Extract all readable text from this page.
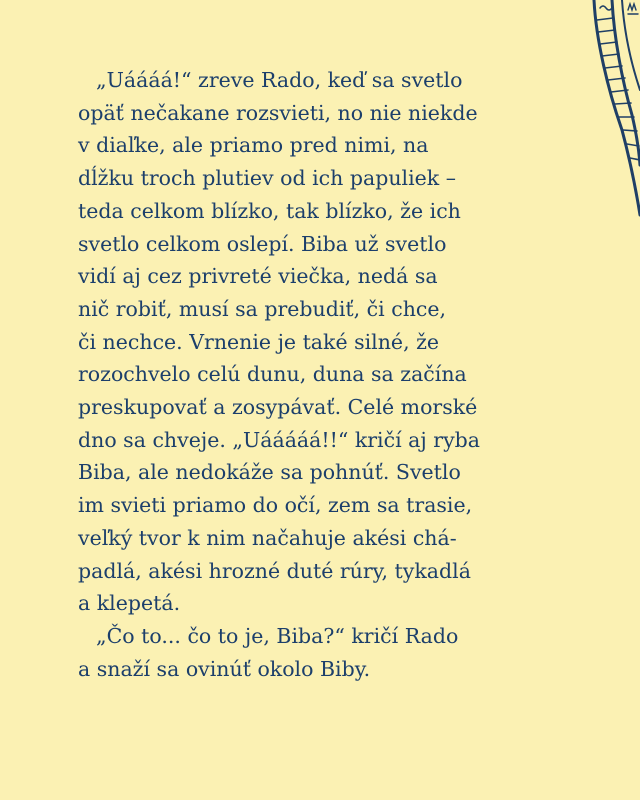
„Uáááá!“ zreve Rado, keď sa svetlo
opäť nečakane rozsvieti, no nie niekde
v diaľke, ale priamo pred nimi, na
dĺžku troch plutiev od ich papuliek –
teda celkom blízko, tak blízko, že ich
svetlo celkom oslepí. Biba už svetlo
vidí aj cez privreté viečka, nedá sa
nič robiť, musí sa prebudiť, či chce,
či nechce. Vrnenie je také silné, že
rozochvelo celú dunu, duna sa začína
preskupovať a zosypávať. Celé morské
dno sa chveje. „Uááááá!!“ kričí aj ryba
Biba, ale nedokáže sa pohnúť. Svetlo
im svieti priamo do očí, zem sa trasie,
veľký tvor k nim načahuje akési chá-
padlá, akési hrozné duté rúry, tykadlá
a klepetá.
„Čo to... čo to je, Biba?“ kričí Rado
a snaží sa ovinúť okolo Biby.
